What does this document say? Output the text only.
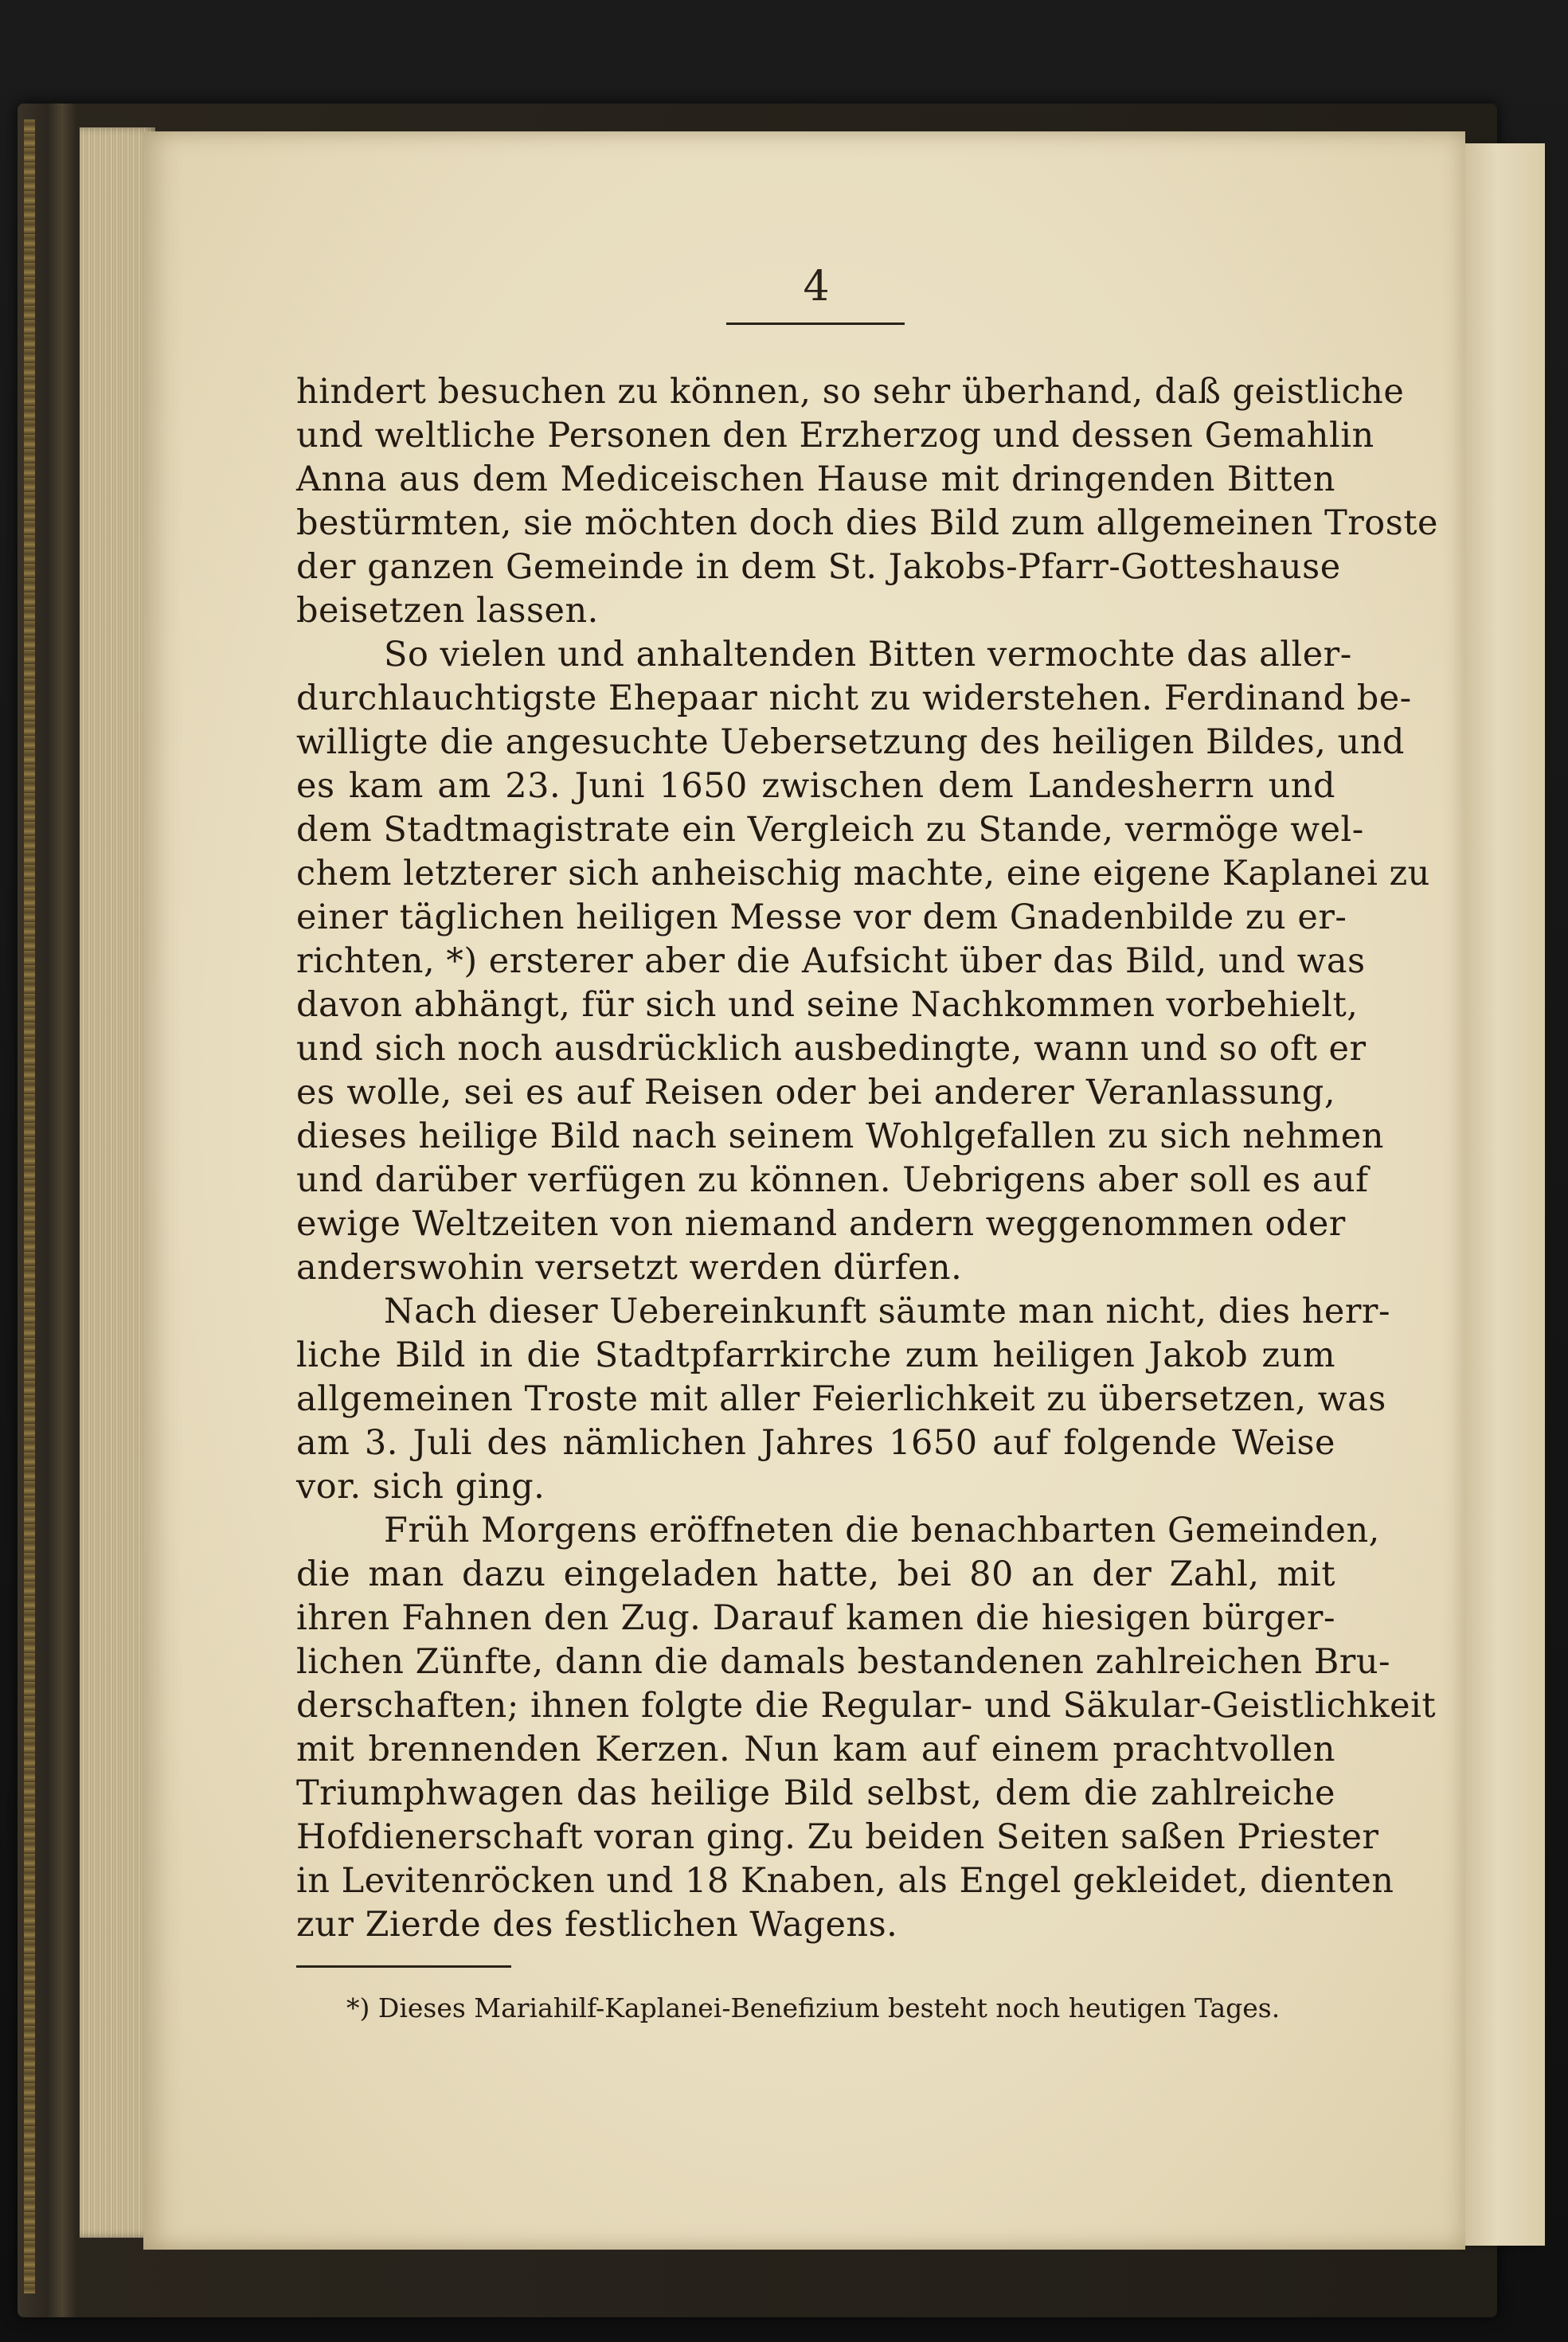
4
hindert besuchen zu können, so sehr überhand, daß geistliche
und weltliche Personen den Erzherzog und dessen Gemahlin
Anna aus dem Mediceischen Hause mit dringenden Bitten
bestürmten, sie möchten doch dies Bild zum allgemeinen Troste
der ganzen Gemeinde in dem St. Jakobs-Pfarr-Gotteshause
beisetzen lassen.
So vielen und anhaltenden Bitten vermochte das aller-
durchlauchtigste Ehepaar nicht zu widerstehen. Ferdinand be-
willigte die angesuchte Uebersetzung des heiligen Bildes, und
es kam am 23. Juni 1650 zwischen dem Landesherrn und
dem Stadtmagistrate ein Vergleich zu Stande, vermöge wel-
chem letzterer sich anheischig machte, eine eigene Kaplanei zu
einer täglichen heiligen Messe vor dem Gnadenbilde zu er-
richten, *) ersterer aber die Aufsicht über das Bild, und was
davon abhängt, für sich und seine Nachkommen vorbehielt,
und sich noch ausdrücklich ausbedingte, wann und so oft er
es wolle, sei es auf Reisen oder bei anderer Veranlassung,
dieses heilige Bild nach seinem Wohlgefallen zu sich nehmen
und darüber verfügen zu können. Uebrigens aber soll es auf
ewige Weltzeiten von niemand andern weggenommen oder
anderswohin versetzt werden dürfen.
Nach dieser Uebereinkunft säumte man nicht, dies herr-
liche Bild in die Stadtpfarrkirche zum heiligen Jakob zum
allgemeinen Troste mit aller Feierlichkeit zu übersetzen, was
am 3. Juli des nämlichen Jahres 1650 auf folgende Weise
vor. sich ging.
Früh Morgens eröffneten die benachbarten Gemeinden,
die man dazu eingeladen hatte, bei 80 an der Zahl, mit
ihren Fahnen den Zug. Darauf kamen die hiesigen bürger-
lichen Zünfte, dann die damals bestandenen zahlreichen Bru-
derschaften; ihnen folgte die Regular- und Säkular-Geistlichkeit
mit brennenden Kerzen. Nun kam auf einem prachtvollen
Triumphwagen das heilige Bild selbst, dem die zahlreiche
Hofdienerschaft voran ging. Zu beiden Seiten saßen Priester
in Levitenröcken und 18 Knaben, als Engel gekleidet, dienten
zur Zierde des festlichen Wagens.
*) Dieses Mariahilf-Kaplanei-Benefizium besteht noch heutigen Tages.
